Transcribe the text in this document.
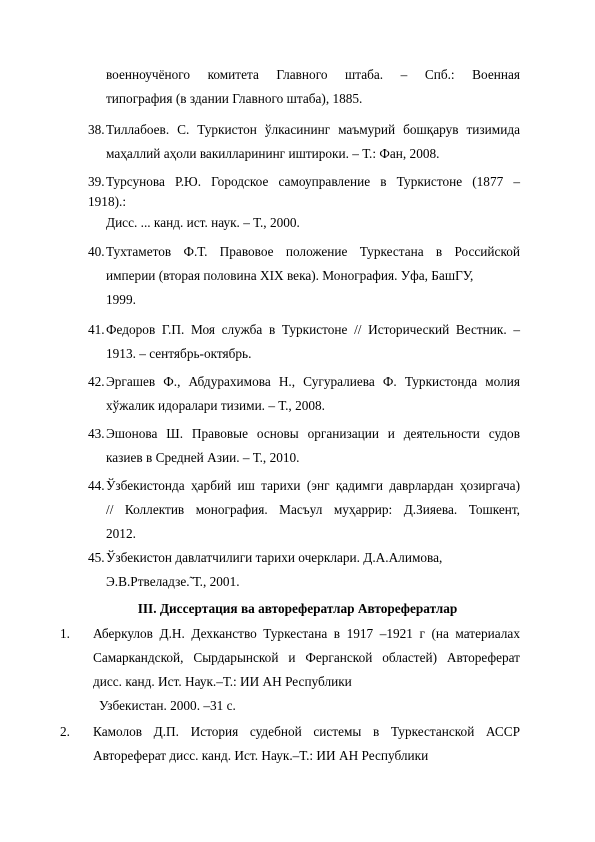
военноучёного комитета Главного штаба. – Спб.: Военная
типография (в здании Главного штаба), 1885.
38. Тиллабоев. С. Туркистон ўлкасининг маъмурий бошқарув тизимида
маҳаллий аҳоли вакилларининг иштироки. – Т.: Фан, 2008.
39. Турсунова Р.Ю. Городское самоуправление в Туркистоне (1877 –
1918).:
Дисс. ... канд. ист. наук. – Т., 2000.
40. Тухтаметов Ф.Т. Правовое положение Туркестана в Российской
империи (вторая половина XIX века). Монография. Уфа, БашГУ,
1999.
41. Федоров Г.П. Моя служба в Туркистоне // Исторический Вестник. –
1913. – сентябрь-октябрь.
42. Эргашев Ф., Абдурахимова Н., Сугуралиева Ф. Туркистонда молия
хўжалик идоралари тизими. – Т., 2008.
43. Эшонова Ш. Правовые основы организации и деятельности судов
казиев в Средней Азии. – Т., 2010.
44. Ўзбекистонда ҳарбий иш тарихи (энг қадимги даврлардан ҳозиргача)
// Коллектив монография. Масъул муҳаррир: Д.Зияева. Тошкент,
2012.
45. Ўзбекистон давлатчилиги тарихи очерклари. Д.А.Алимова,
Э.В.Ртвеладзе.̃ Т., 2001.
III. Диссертация ва авторефератлар Авторефератлар
1.	Аберкулов Д.Н. Дехканство Туркестана в 1917 –1921 г (на материалах
Самаркандской, Сырдарынской и Ферганской областей) Автореферат
дисс. канд. Ист. Наук.–Т.: ИИ АН Республики
Узбекистан. 2000. –31 с.
2.	Камолов Д.П. История судебной системы в Туркестанской АССР
Автореферат дисс. канд. Ист. Наук.–Т.: ИИ АН Республики
